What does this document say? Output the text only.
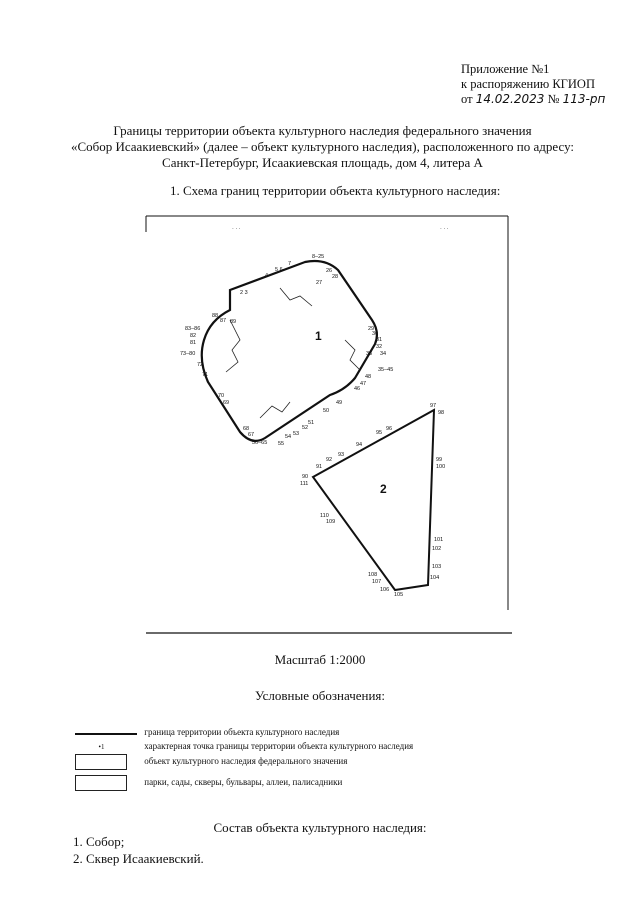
Приложение №1
к распоряжению КГИОП
от 14.02.2023 № 113-рп
Границы территории объекта культурного наследия федерального значения
«Собор Исаакиевский» (далее – объект культурного наследия), расположенного по адресу:
Санкт-Петербург, Исаакиевская площадь, дом 4, литера А
1. Схема границ территории объекта культурного наследия:
· · ·	· · ·
1
2
8–25
7
5 6
4
2 3
26
27
28
88
87 89
83–86
82
81
73–80
72
71
70
69
68
67
56–65 55
54 53
51
52
50
49
48
47
46
35–45
34
33
32
31
30
29
97
98
96
95
94
93
92
91
90
111
110
109
99
100
101
102
103
104
108
107
106
105
Масштаб 1:2000
Условные обозначения:
граница территории объекта культурного наследия
•1	характерная точка границы территории объекта культурного наследия
объект культурного наследия федерального значения
парки, сады, скверы, бульвары, аллеи, палисадники
Состав объекта культурного наследия:
1. Собор;
2. Сквер Исаакиевский.
